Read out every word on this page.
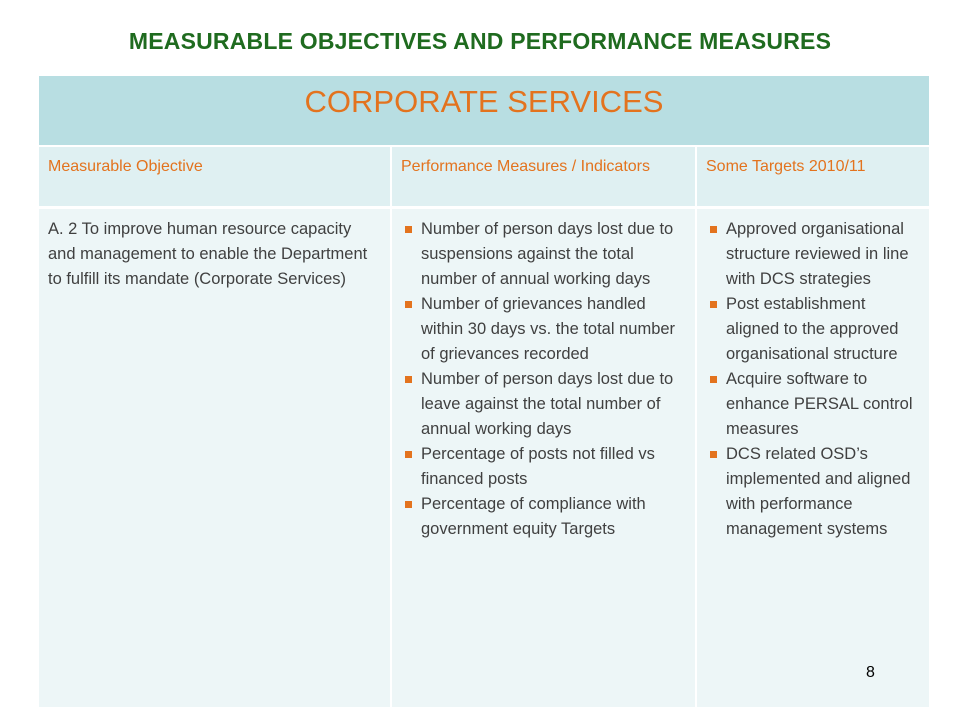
MEASURABLE OBJECTIVES AND PERFORMANCE MEASURES
CORPORATE SERVICES
Measurable Objective	Performance Measures / Indicators	Some Targets 2010/11
A. 2 To improve human resource capacity and management to enable the Department to fulfill its mandate (Corporate Services)
Number of person days lost due to suspensions against the total number of annual working days
Number of grievances handled within 30 days vs. the total number of grievances recorded
Number of person days lost due to leave against the total number of annual working days
Percentage of posts not filled vs financed posts
Percentage of compliance with government equity Targets
Approved organisational structure reviewed in line with DCS strategies
Post establishment aligned to the approved organisational structure
Acquire software to enhance PERSAL control measures
DCS related OSD’s implemented and aligned with performance management systems
8
